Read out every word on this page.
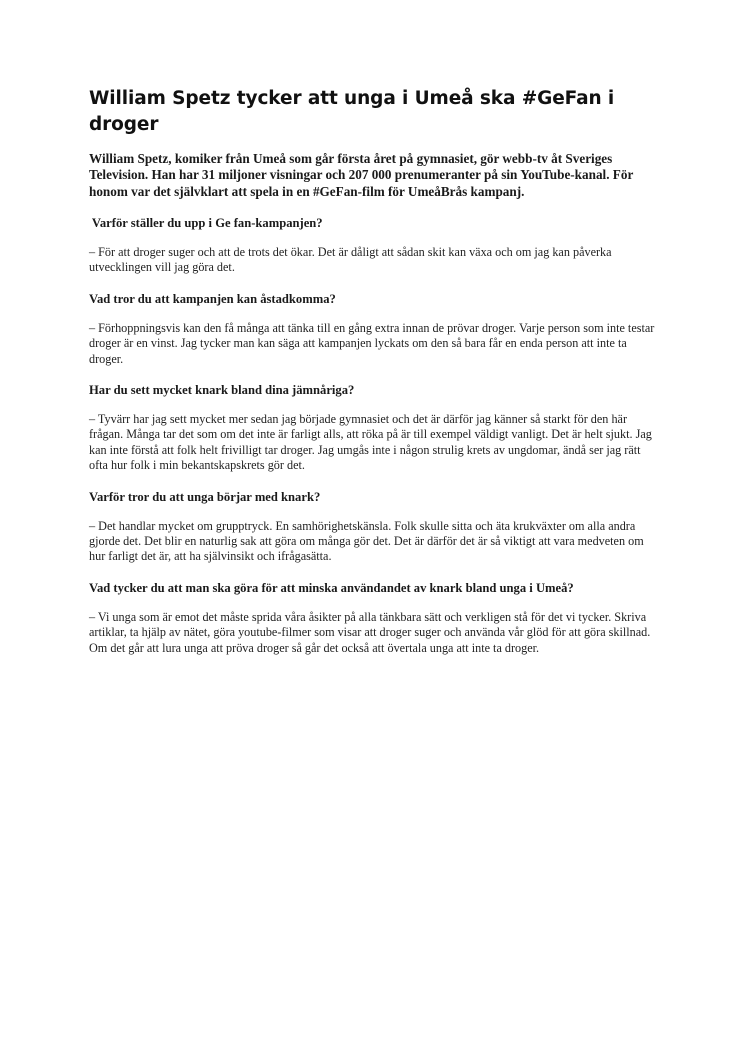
William Spetz tycker att unga i Umeå ska #GeFan i droger

William Spetz, komiker från Umeå som går första året på gymnasiet, gör webb-tv åt Sveriges Television. Han har 31 miljoner visningar och 207 000 prenumeranter på sin YouTube-kanal. För honom var det självklart att spela in en #GeFan-film för UmeåBrås kampanj.

Varför ställer du upp i Ge fan-kampanjen?

– För att droger suger och att de trots det ökar. Det är dåligt att sådan skit kan växa och om jag kan påverka utvecklingen vill jag göra det.

Vad tror du att kampanjen kan åstadkomma?

– Förhoppningsvis kan den få många att tänka till en gång extra innan de prövar droger. Varje person som inte testar droger är en vinst. Jag tycker man kan säga att kampanjen lyckats om den så bara får en enda person att inte ta droger.

Har du sett mycket knark bland dina jämnåriga?

– Tyvärr har jag sett mycket mer sedan jag började gymnasiet och det är därför jag känner så starkt för den här frågan. Många tar det som om det inte är farligt alls, att röka på är till exempel väldigt vanligt. Det är helt sjukt. Jag kan inte förstå att folk helt frivilligt tar droger. Jag umgås inte i någon strulig krets av ungdomar, ändå ser jag rätt ofta hur folk i min bekantskapskrets gör det.

Varför tror du att unga börjar med knark?

– Det handlar mycket om grupptryck. En samhörighetskänsla. Folk skulle sitta och äta krukväxter om alla andra gjorde det. Det blir en naturlig sak att göra om många gör det. Det är därför det är så viktigt att vara medveten om hur farligt det är, att ha självinsikt och ifrågasätta.

Vad tycker du att man ska göra för att minska användandet av knark bland unga i Umeå?

– Vi unga som är emot det måste sprida våra åsikter på alla tänkbara sätt och verkligen stå för det vi tycker. Skriva artiklar, ta hjälp av nätet, göra youtube-filmer som visar att droger suger och använda vår glöd för att göra skillnad. Om det går att lura unga att pröva droger så går det också att övertala unga att inte ta droger.
